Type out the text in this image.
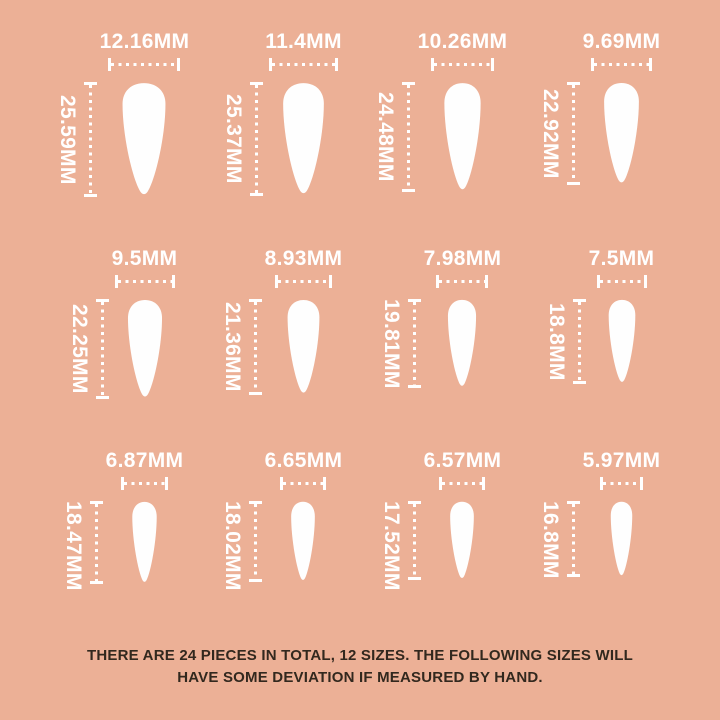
12.16MM
25.59MM
11.4MM
25.37MM
10.26MM
24.48MM
9.69MM
22.92MM
9.5MM
22.25MM
8.93MM
21.36MM
7.98MM
19.81MM
7.5MM
18.8MM
6.87MM
18.47MM
6.65MM
18.02MM
6.57MM
17.52MM
5.97MM
16.8MM

THERE ARE 24 PIECES IN TOTAL, 12 SIZES. THE FOLLOWING SIZES WILL HAVE SOME DEVIATION IF MEASURED BY HAND.
